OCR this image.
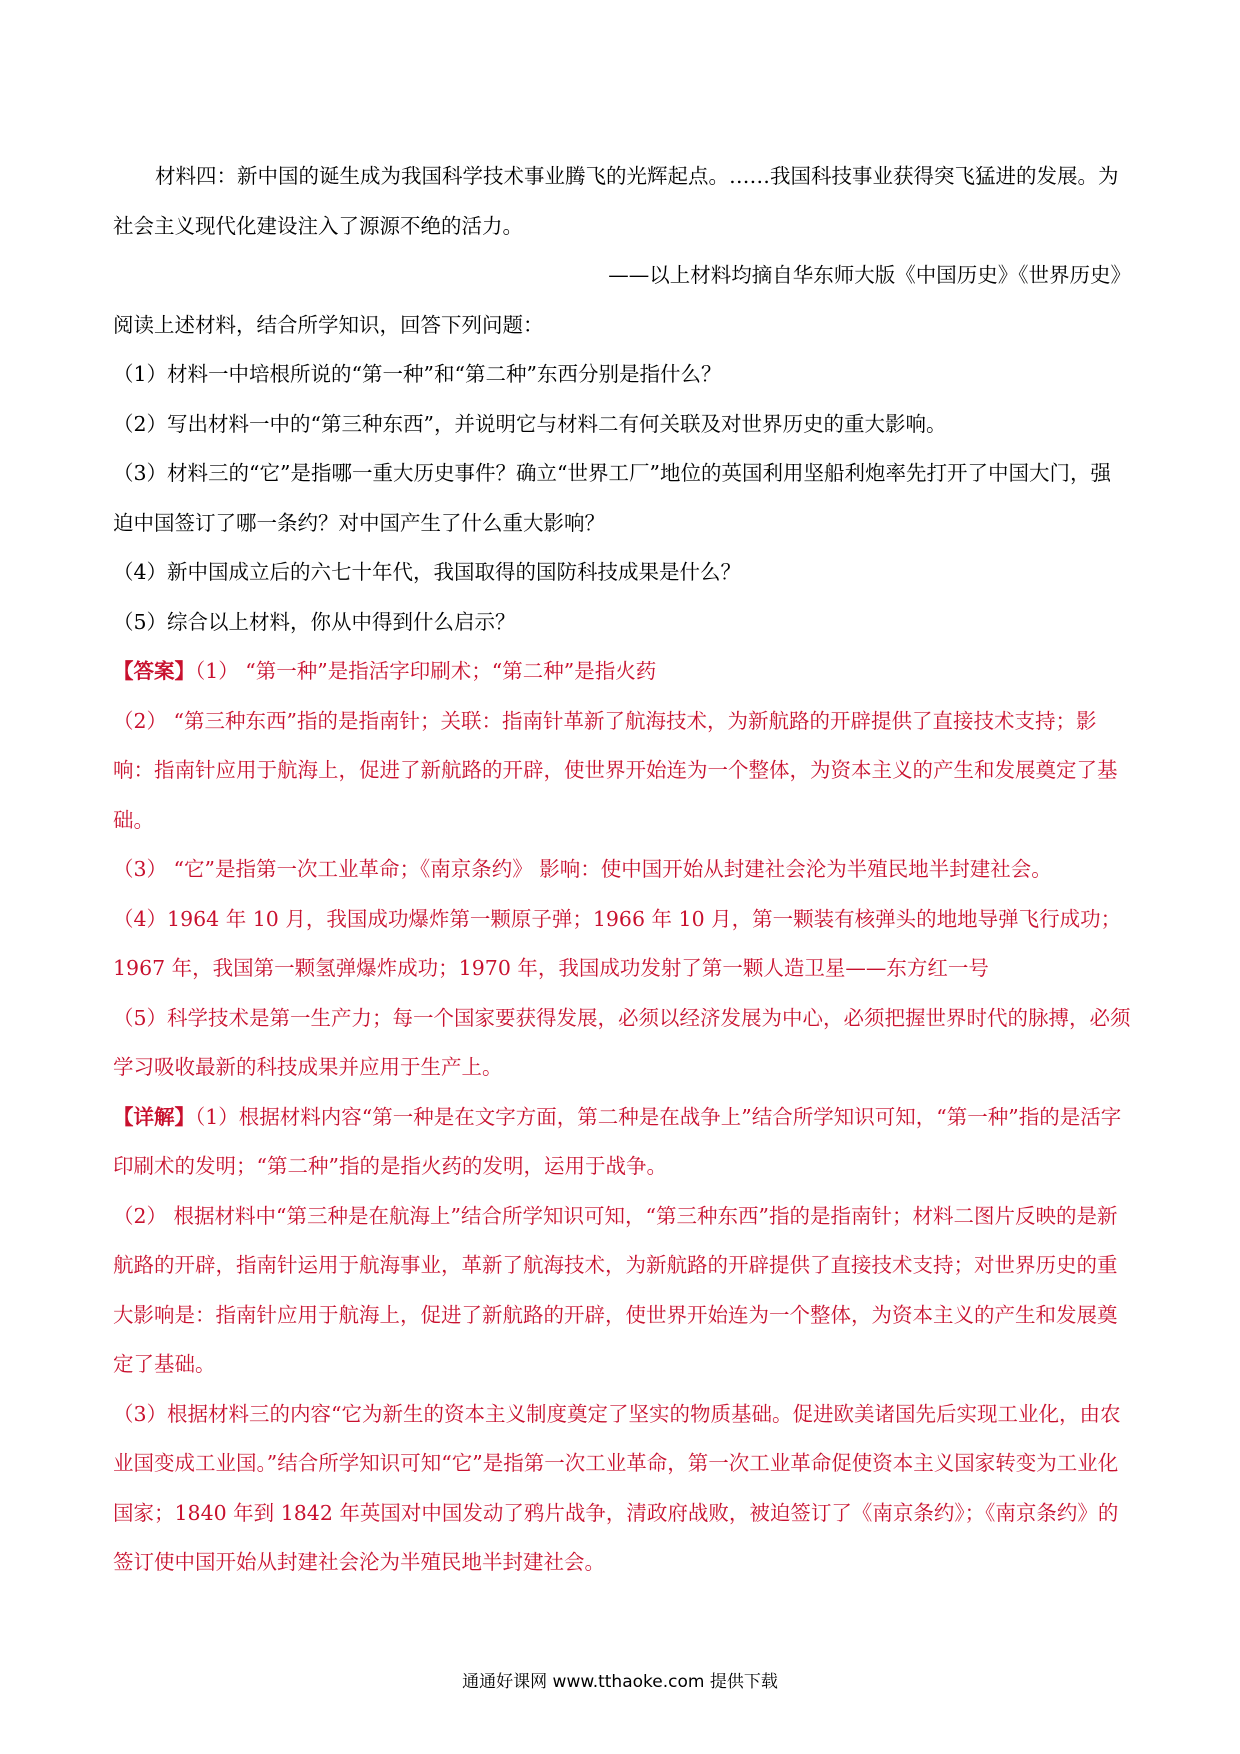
材料四：新中国的诞生成为我国科学技术事业腾飞的光辉起点。……我国科技事业获得突飞猛进的发展。为社会主义现代化建设注入了源源不绝的活力。

——以上材料均摘自华东师大版《中国历史》《世界历史》

阅读上述材料，结合所学知识，回答下列问题：

（1）材料一中培根所说的“第一种”和“第二种”东西分别是指什么？

（2）写出材料一中的“第三种东西”，并说明它与材料二有何关联及对世界历史的重大影响。

（3）材料三的“它”是指哪一重大历史事件？确立“世界工厂”地位的英国利用坚船利炮率先打开了中国大门，强迫中国签订了哪一条约？对中国产生了什么重大影响？

（4）新中国成立后的六七十年代，我国取得的国防科技成果是什么？

（5）综合以上材料，你从中得到什么启示？

【答案】（1） “第一种”是指活字印刷术；“第二种”是指火药

（2） “第三种东西”指的是指南针；关联：指南针革新了航海技术，为新航路的开辟提供了直接技术支持；影响：指南针应用于航海上，促进了新航路的开辟，使世界开始连为一个整体，为资本主义的产生和发展奠定了基础。

（3） “它”是指第一次工业革命；《南京条约》 影响：使中国开始从封建社会沦为半殖民地半封建社会。

（4）1964 年 10 月，我国成功爆炸第一颗原子弹；1966 年 10 月，第一颗装有核弹头的地地导弹飞行成功；1967 年，我国第一颗氢弹爆炸成功；1970 年，我国成功发射了第一颗人造卫星——东方红一号

（5）科学技术是第一生产力；每一个国家要获得发展，必须以经济发展为中心，必须把握世界时代的脉搏，必须学习吸收最新的科技成果并应用于生产上。

【详解】（1）根据材料内容“第一种是在文字方面，第二种是在战争上”结合所学知识可知，“第一种”指的是活字印刷术的发明；“第二种”指的是指火药的发明，运用于战争。

（2） 根据材料中“第三种是在航海上”结合所学知识可知，“第三种东西”指的是指南针；材料二图片反映的是新航路的开辟，指南针运用于航海事业，革新了航海技术，为新航路的开辟提供了直接技术支持；对世界历史的重大影响是：指南针应用于航海上，促进了新航路的开辟，使世界开始连为一个整体，为资本主义的产生和发展奠定了基础。

（3）根据材料三的内容“它为新生的资本主义制度奠定了坚实的物质基础。促进欧美诸国先后实现工业化，由农业国变成工业国。”结合所学知识可知“它”是指第一次工业革命，第一次工业革命促使资本主义国家转变为工业化国家；1840 年到 1842 年英国对中国发动了鸦片战争，清政府战败，被迫签订了《南京条约》；《南京条约》的签订使中国开始从封建社会沦为半殖民地半封建社会。

通通好课网 www.tthaoke.com 提供下载
